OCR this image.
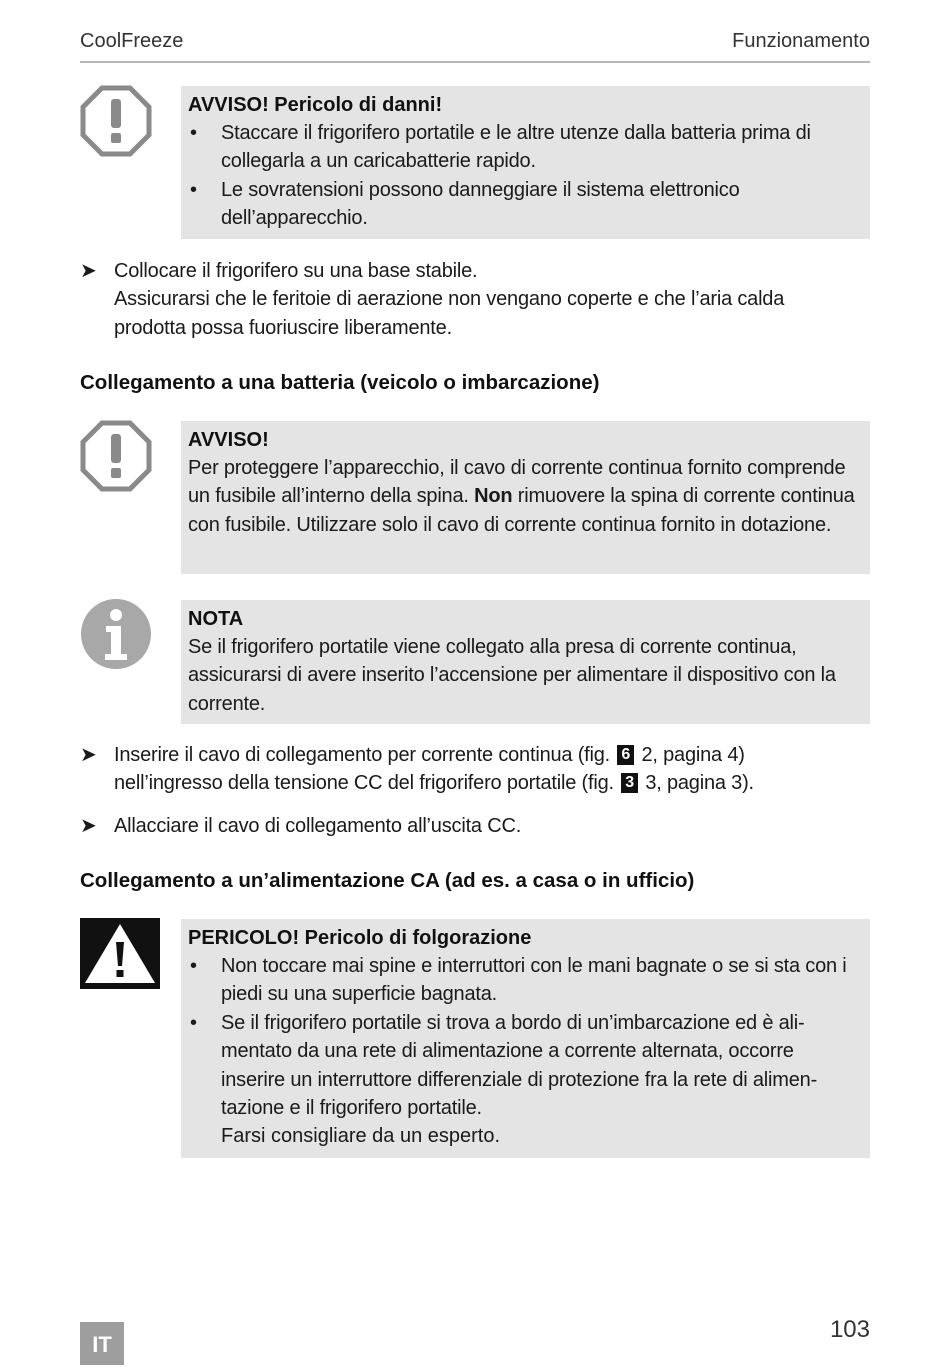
CoolFreeze	Funzionamento
AVVISO! Pericolo di danni!
• Staccare il frigorifero portatile e le altre utenze dalla batteria prima di collegarla a un caricabatterie rapido.
• Le sovratensioni possono danneggiare il sistema elettronico dell’apparecchio.
➤ Collocare il frigorifero su una base stabile.
Assicurarsi che le feritoie di aerazione non vengano coperte e che l’aria calda prodotta possa fuoriuscire liberamente.
Collegamento a una batteria (veicolo o imbarcazione)
AVVISO!

Per proteggere l’apparecchio, il cavo di corrente continua fornito comprende un fusibile all’interno della spina. Non rimuovere la spina di corrente continua con fusibile. Utilizzare solo il cavo di corrente continua fornito in dotazione.

NOTA

Se il frigorifero portatile viene collegato alla presa di corrente continua, assicurarsi di avere inserito l’accensione per alimentare il dispositivo con la corrente.

➤ Inserire il cavo di collegamento per corrente continua (fig. 6 2, pagina 4)
nell’ingresso della tensione CC del frigorifero portatile (fig. 3 3, pagina 3).
➤ Allacciare il cavo di collegamento all’uscita CC.
Collegamento a un’alimentazione CA (ad es. a casa o in ufficio)
PERICOLO! Pericolo di folgorazione
• Non toccare mai spine e interruttori con le mani bagnate o se si sta con i piedi su una superficie bagnata.
• Se il frigorifero portatile si trova a bordo di un’imbarcazione ed è alimentato da una rete di alimentazione a corrente alternata, occorre inserire un interruttore differenziale di protezione fra la rete di alimentazione e il frigorifero portatile.
Farsi consigliare da un esperto.
IT
103
